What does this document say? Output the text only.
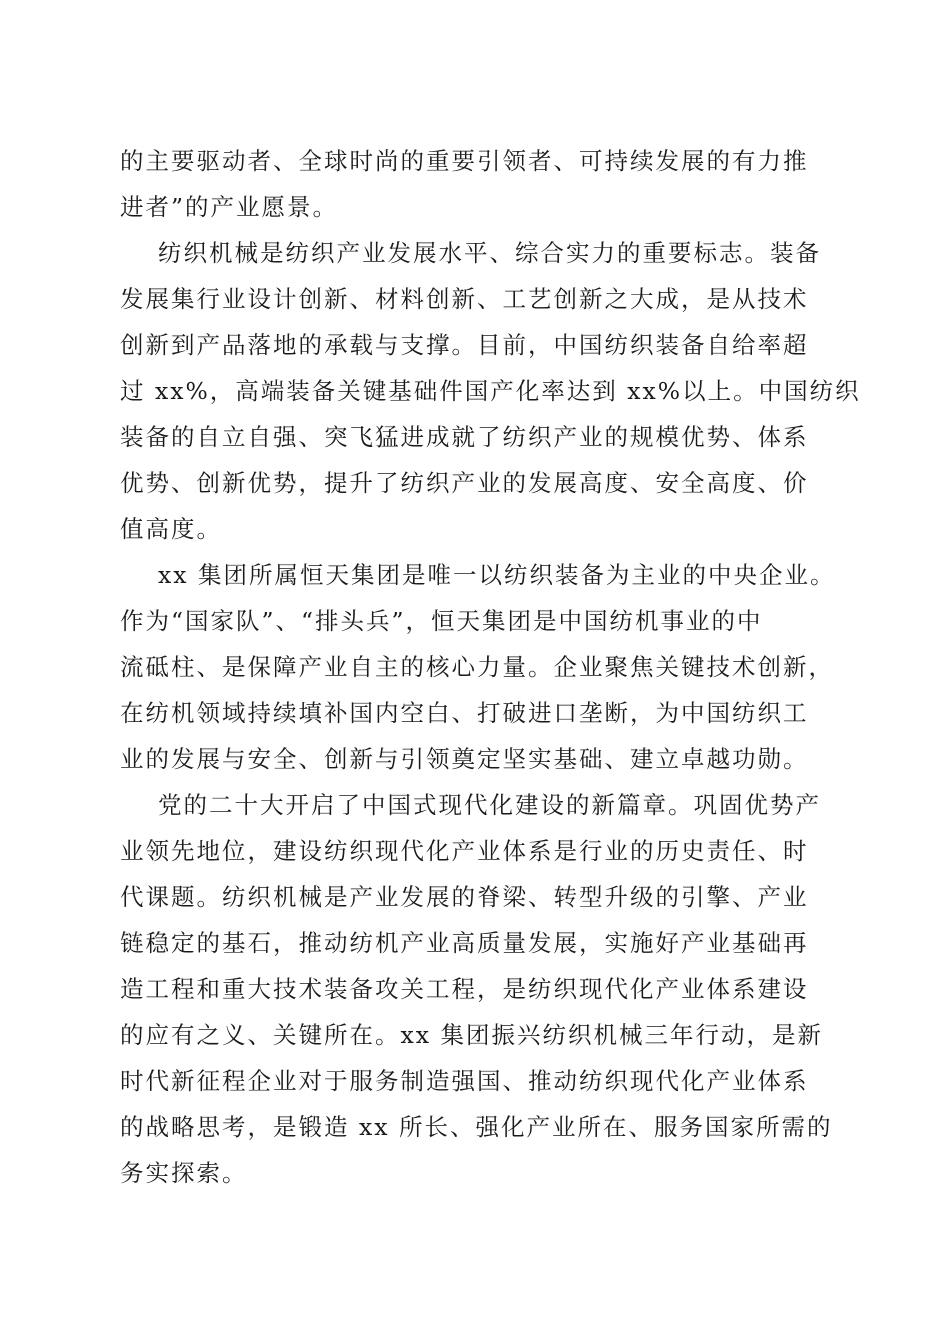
的主要驱动者、全球时尚的重要引领者、可持续发展的有力推
进者”的产业愿景。
纺织机械是纺织产业发展水平、综合实力的重要标志。装备
发展集行业设计创新、材料创新、工艺创新之大成，是从技术
创新到产品落地的承载与支撑。目前，中国纺织装备自给率超
过 xx%，高端装备关键基础件国产化率达到 xx%以上。中国纺织
装备的自立自强、突飞猛进成就了纺织产业的规模优势、体系
优势、创新优势，提升了纺织产业的发展高度、安全高度、价
值高度。
xx 集团所属恒天集团是唯一以纺织装备为主业的中央企业。
作为“国家队”、“排头兵”，恒天集团是中国纺机事业的中
流砥柱、是保障产业自主的核心力量。企业聚焦关键技术创新，
在纺机领域持续填补国内空白、打破进口垄断，为中国纺织工
业的发展与安全、创新与引领奠定坚实基础、建立卓越功勋。
党的二十大开启了中国式现代化建设的新篇章。巩固优势产
业领先地位，建设纺织现代化产业体系是行业的历史责任、时
代课题。纺织机械是产业发展的脊梁、转型升级的引擎、产业
链稳定的基石，推动纺机产业高质量发展，实施好产业基础再
造工程和重大技术装备攻关工程，是纺织现代化产业体系建设
的应有之义、关键所在。xx 集团振兴纺织机械三年行动，是新
时代新征程企业对于服务制造强国、推动纺织现代化产业体系
的战略思考，是锻造 xx 所长、强化产业所在、服务国家所需的
务实探索。
